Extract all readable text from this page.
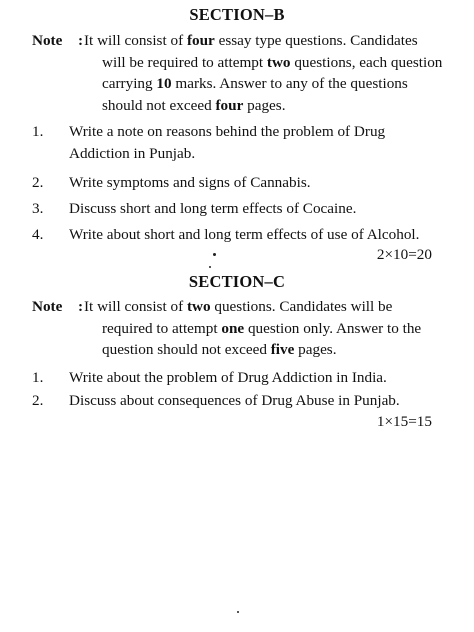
SECTION–B
Note : It will consist of four essay type questions. Candidates
will be required to attempt two questions, each question
carrying 10 marks. Answer to any of the questions
should not exceed four pages.
1.	Write a note on reasons behind the problem of Drug
Addiction in Punjab.
2.	Write symptoms and signs of Cannabis.
3.	Discuss short and long term effects of Cocaine.
4.	Write about short and long term effects of use of Alcohol.
2×10=20
SECTION–C
Note : It will consist of two questions. Candidates will be
required to attempt one question only. Answer to the
question should not exceed five pages.
1.	Write about the problem of Drug Addiction in India.
2.	Discuss about consequences of Drug Abuse in Punjab.
1×15=15
